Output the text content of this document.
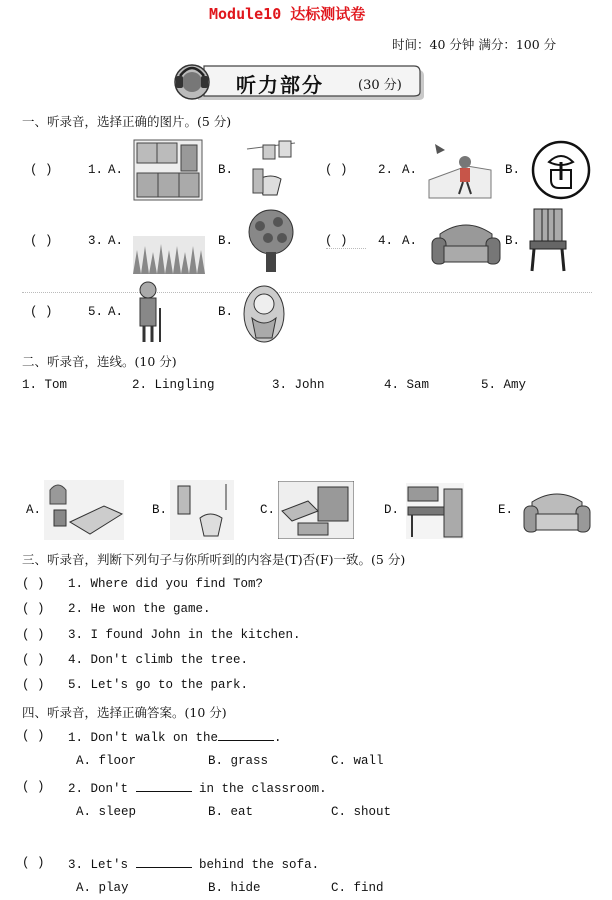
Module10 达标测试卷
时间：40 分钟 满分：100 分
听力部分	(30 分)
一、听录音，选择正确的图片。(5 分)
( )	1. A.	B.	( ) 2. A.	B.
( )	3. A.	B.	( ) 4. A.	B.
( )	5. A.	B.
二、听录音，连线。(10 分)
1. Tom	2. Lingling	3. John	4. Sam	5. Amy
A.	B.	C.	D.	E.
三、听录音，判断下列句子与你所听到的内容是(T)否(F)一致。(5 分)
( ) 1. Where did you find Tom?
( ) 2. He won the game.
( ) 3. I found John in the kitchen.
( ) 4. Don't climb the tree.
( ) 5. Let's go to the park.
四、听录音，选择正确答案。(10 分)
( ) 1. Don't walk on the	.
A. floor	B. grass	C. wall
( ) 2. Don't	in the classroom.
A. sleep	B. eat	C. shout
( ) 3. Let's	behind the sofa.
A. play	B. hide	C. find
